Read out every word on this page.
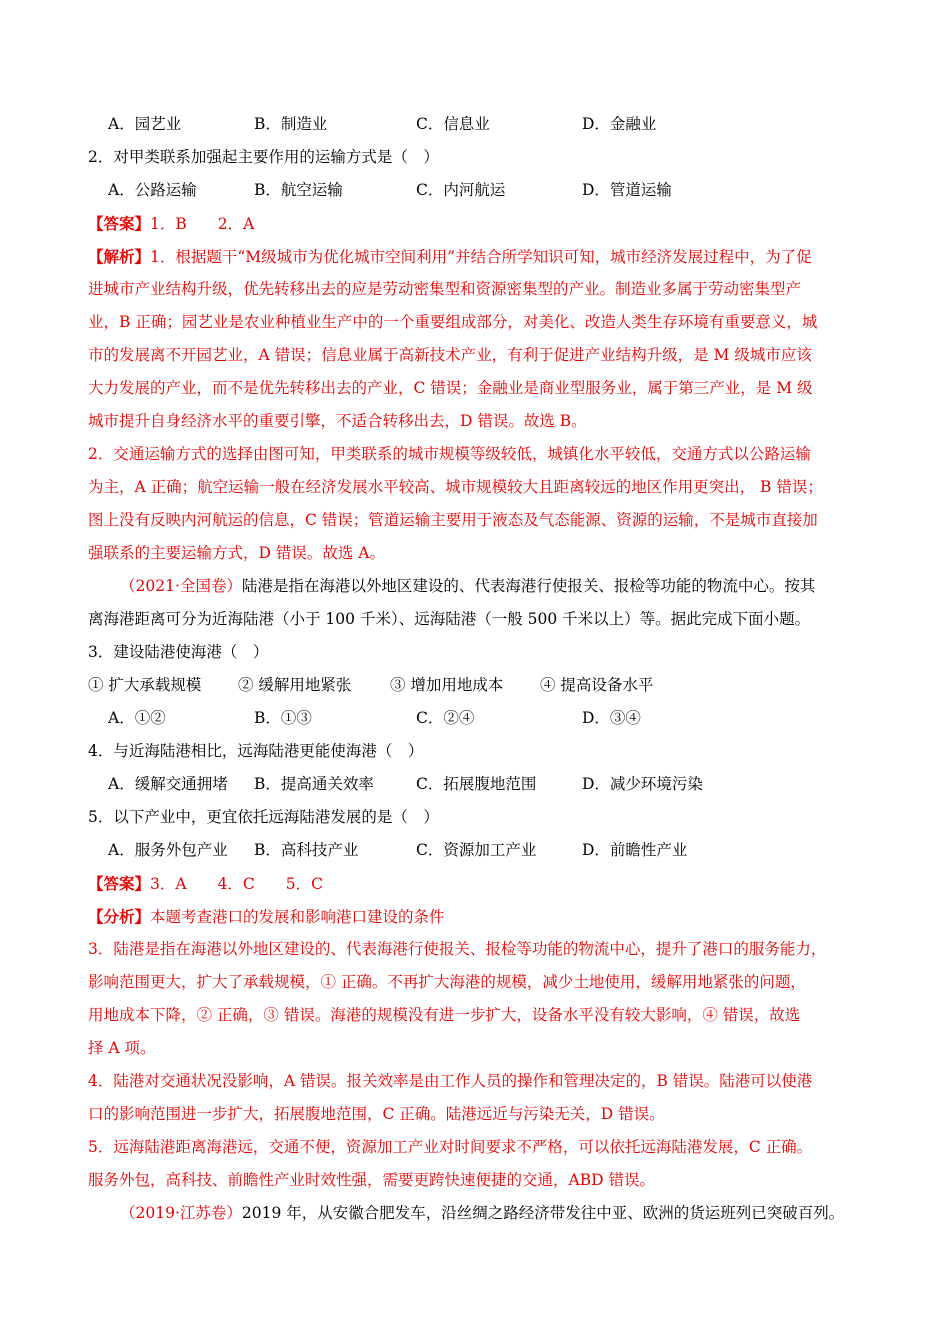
A．园艺业	B．制造业	C．信息业	D．金融业
2．对甲类联系加强起主要作用的运输方式是（　）
A．公路运输	B．航空运输	C．内河航运	D．管道运输
【答案】1．B　　2．A
【解析】1．根据题干“M级城市为优化城市空间利用”并结合所学知识可知，城市经济发展过程中，为了促
进城市产业结构升级，优先转移出去的应是劳动密集型和资源密集型的产业。制造业多属于劳动密集型产
业，B 正确；园艺业是农业种植业生产中的一个重要组成部分，对美化、改造人类生存环境有重要意义，城
市的发展离不开园艺业，A 错误；信息业属于高新技术产业，有利于促进产业结构升级，是 M 级城市应该
大力发展的产业，而不是优先转移出去的产业，C 错误；金融业是商业型服务业，属于第三产业，是 M 级
城市提升自身经济水平的重要引擎，不适合转移出去，D 错误。故选 B。
2．交通运输方式的选择由图可知，甲类联系的城市规模等级较低，城镇化水平较低，交通方式以公路运输
为主，A 正确；航空运输一般在经济发展水平较高、城市规模较大且距离较远的地区作用更突出， B 错误；
图上没有反映内河航运的信息，C 错误；管道运输主要用于液态及气态能源、资源的运输，不是城市直接加
强联系的主要运输方式，D 错误。故选 A。
（2021·全国卷）陆港是指在海港以外地区建设的、代表海港行使报关、报检等功能的物流中心。按其
离海港距离可分为近海陆港（小于 100 千米）、远海陆港（一般 500 千米以上）等。据此完成下面小题。
3．建设陆港使海港（　）
① 扩大承载规模 ② 缓解用地紧张 ③ 增加用地成本 ④ 提高设备水平
A．①②	B．①③	C．②④	D．③④
4．与近海陆港相比，远海陆港更能使海港（　）
A．缓解交通拥堵 B．提高通关效率	C．拓展腹地范围	D．减少环境污染
5．以下产业中，更宜依托远海陆港发展的是（　）
A．服务外包产业 B．高科技产业	C．资源加工产业	D．前瞻性产业
【答案】3．A　　4．C　　5．C
【分析】本题考查港口的发展和影响港口建设的条件
3．陆港是指在海港以外地区建设的、代表海港行使报关、报检等功能的物流中心，提升了港口的服务能力，
影响范围更大，扩大了承载规模，① 正确。不再扩大海港的规模，减少土地使用，缓解用地紧张的问题，
用地成本下降，② 正确，③ 错误。海港的规模没有进一步扩大，设备水平没有较大影响，④ 错误，故选
择 A 项。
4．陆港对交通状况没影响，A 错误。报关效率是由工作人员的操作和管理决定的，B 错误。陆港可以使港
口的影响范围进一步扩大，拓展腹地范围，C 正确。陆港远近与污染无关，D 错误。
5．远海陆港距离海港远，交通不便，资源加工产业对时间要求不严格，可以依托远海陆港发展，C 正确。
服务外包，高科技、前瞻性产业时效性强，需要更跨快速便捷的交通，ABD 错误。
（2019·江苏卷）2019 年，从安徽合肥发车，沿丝绸之路经济带发往中亚、欧洲的货运班列已突破百列。
